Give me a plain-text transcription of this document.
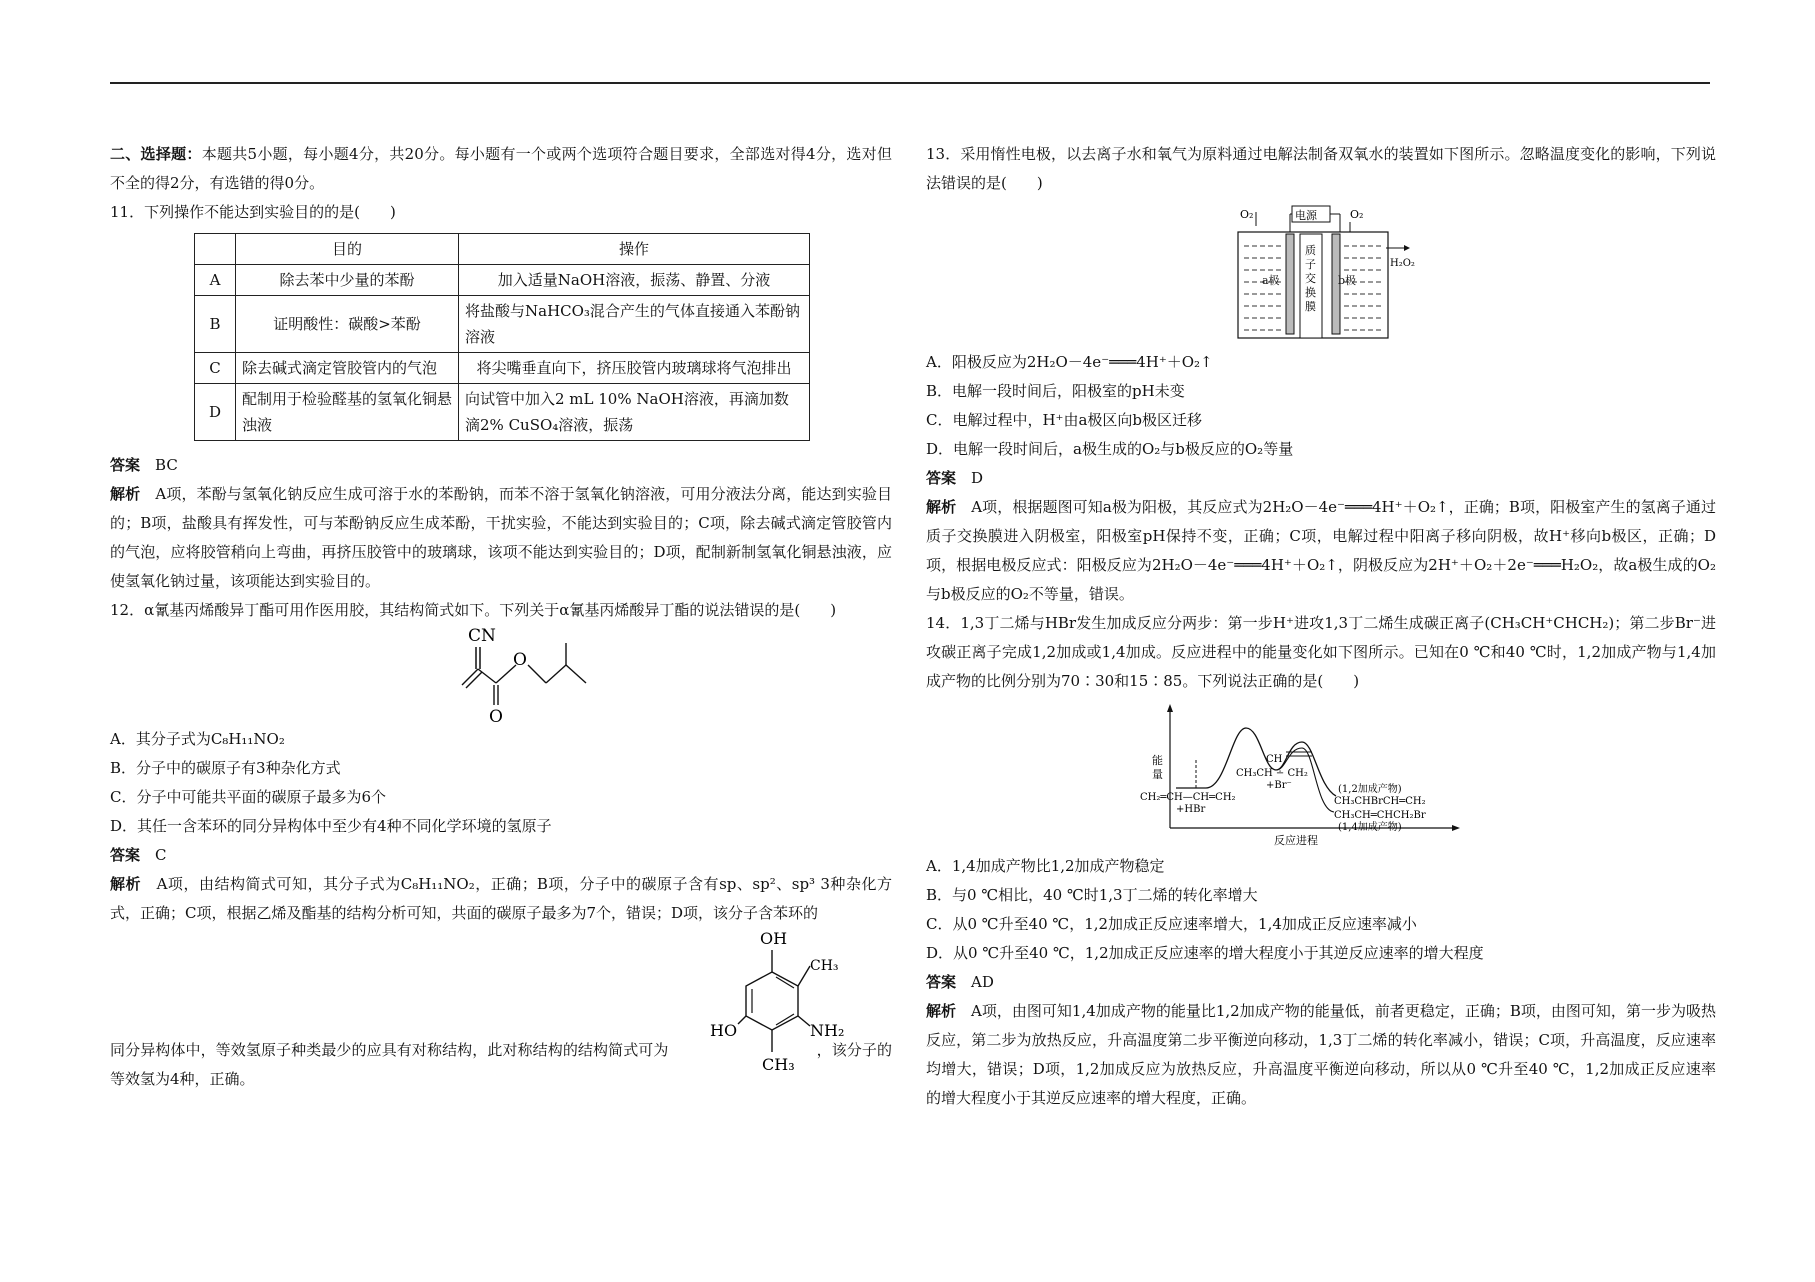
二、选择题：本题共5小题，每小题4分，共20分。每小题有一个或两个选项符合题目要求，全部选对得4分，选对但不全的得2分，有选错的得0分。

11．下列操作不能达到实验目的的是(　　)

	目的	操作
A	除去苯中少量的苯酚	加入适量NaOH溶液，振荡、静置、分液
B	证明酸性：碳酸>苯酚	将盐酸与NaHCO₃混合产生的气体直接通入苯酚钠溶液
C	除去碱式滴定管胶管内的气泡	将尖嘴垂直向下，挤压胶管内玻璃球将气泡排出
D	配制用于检验醛基的氢氧化铜悬浊液	向试管中加入2 mL 10% NaOH溶液，再滴加数滴2% CuSO₄溶液，振荡

答案　 BC

解析　 A项，苯酚与氢氧化钠反应生成可溶于水的苯酚钠，而苯不溶于氢氧化钠溶液，可用分液法分离，能达到实验目的；B项，盐酸具有挥发性，可与苯酚钠反应生成苯酚，干扰实验，不能达到实验目的；C项，除去碱式滴定管胶管内的气泡，应将胶管稍向上弯曲，再挤压胶管中的玻璃球，该项不能达到实验目的；D项，配制新制氢氧化铜悬浊液，应使氢氧化钠过量，该项能达到实验目的。

12．α氰基丙烯酸异丁酯可用作医用胶，其结构简式如下。下列关于α氰基丙烯酸异丁酯的说法错误的是(　　)

CN
O
O

A．其分子式为C₈H₁₁NO₂

B．分子中的碳原子有3种杂化方式

C．分子中可能共平面的碳原子最多为6个

D．其任一含苯环的同分异构体中至少有4种不同化学环境的氢原子

答案　 C

解析　 A项，由结构简式可知，其分子式为C₈H₁₁NO₂，正确；B项，分子中的碳原子含有sp、sp²、sp³ 3种杂化方式，正确；C项，根据乙烯及酯基的结构分析可知，共面的碳原子最多为7个，错误；D项，该分子含苯环的

OH
CH₃
HO	NH₂
CH₃

同分异构体中，等效氢原子种类最少的应具有对称结构，此对称结构的结构简式可为	，该分子的等效氢为4种，正确。

13．采用惰性电极，以去离子水和氧气为原料通过电解法制备双氧水的装置如下图所示。忽略温度变化的影响，下列说法错误的是(　　)

O₂	电源	O₂
质
子
交
换
膜
a极	b极
H₂O₂

A．阳极反应为2H₂O－4e⁻═══4H⁺＋O₂↑

B．电解一段时间后，阳极室的pH未变

C．电解过程中，H⁺由a极区向b极区迁移

D．电解一段时间后，a极生成的O₂与b极反应的O₂等量

答案　 D

解析　 A项，根据题图可知a极为阳极，其反应式为2H₂O－4e⁻═══4H⁺＋O₂↑，正确；B项，阳极室产生的氢离子通过质子交换膜进入阴极室，阳极室pH保持不变，正确；C项，电解过程中阳离子移向阴极，故H⁺移向b极区，正确；D项，根据电极反应式：阳极反应为2H₂O－4e⁻═══4H⁺＋O₂↑，阴极反应为2H⁺＋O₂＋2e⁻═══H₂O₂，故a极生成的O₂与b极反应的O₂不等量，错误。

14．1,3丁二烯与HBr发生加成反应分两步：第一步H⁺进攻1,3丁二烯生成碳正离子(CH₃CH⁺CHCH₂)；第二步Br⁻进攻碳正离子完成1,2加成或1,4加成。反应进程中的能量变化如下图所示。已知在0 ℃和40 ℃时，1,2加成产物与1,4加成产物的比例分别为70∶30和15∶85。下列说法正确的是(　　)

能
量
反应进程
CH₂═CH—CH═CH₂
+HBr
CH
CH₃CH ∸ CH₂
+Br⁻	(1,2加成产物)
CH₃CHBrCH═CH₂
CH₃CH═CHCH₂Br
(1,4加成产物)

A．1,4加成产物比1,2加成产物稳定

B．与0 ℃相比，40 ℃时1,3丁二烯的转化率增大

C．从0 ℃升至40 ℃，1,2加成正反应速率增大，1,4加成正反应速率减小

D．从0 ℃升至40 ℃，1,2加成正反应速率的增大程度小于其逆反应速率的增大程度

答案　 AD

解析　 A项，由图可知1,4加成产物的能量比1,2加成产物的能量低，前者更稳定，正确；B项，由图可知，第一步为吸热反应，第二步为放热反应，升高温度第二步平衡逆向移动，1,3丁二烯的转化率减小，错误；C项，升高温度，反应速率均增大，错误；D项，1,2加成反应为放热反应，升高温度平衡逆向移动，所以从0 ℃升至40 ℃，1,2加成正反应速率的增大程度小于其逆反应速率的增大程度，正确。
